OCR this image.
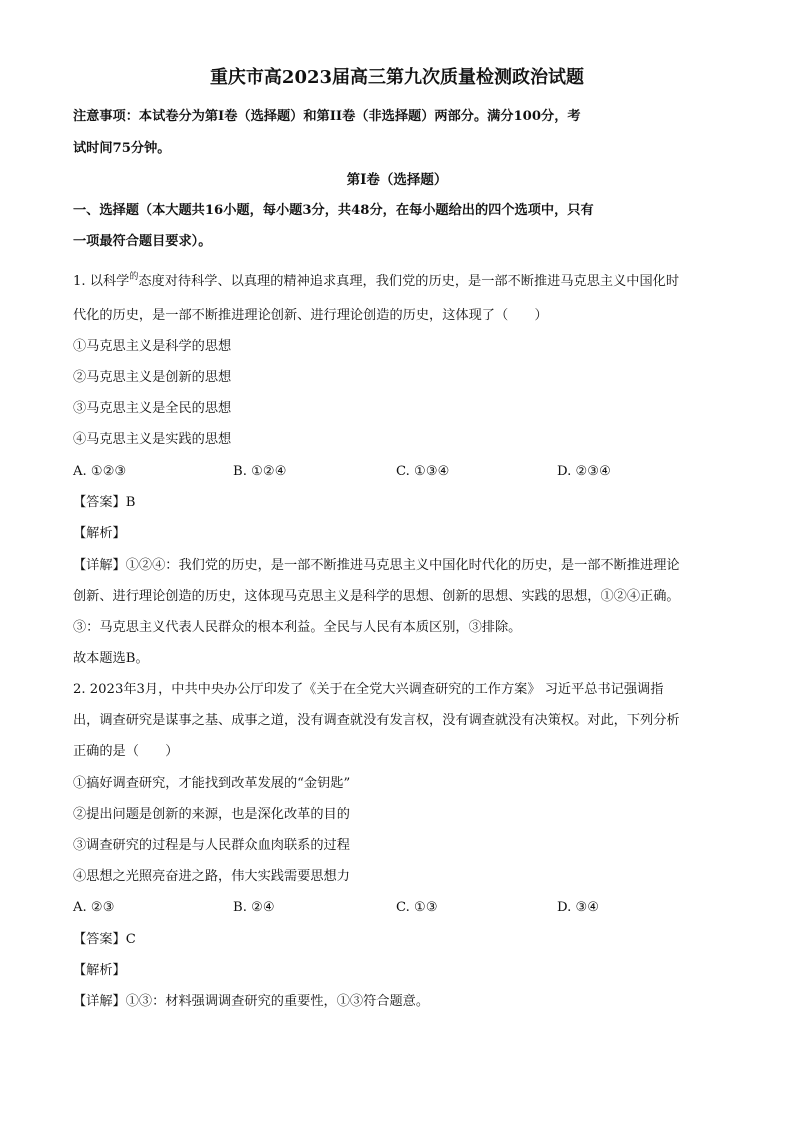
重庆市高2023届高三第九次质量检测政治试题
注意事项：本试卷分为第I卷（选择题）和第II卷（非选择题）两部分。满分100分，考
试时间75分钟。
第I卷（选择题）
一、选择题（本大题共16小题，每小题3分，共48分，在每小题给出的四个选项中，只有
一项最符合题目要求）。
1. 以科学$^的$态度对待科学、以真理的精神追求真理，我们党的历史，是一部不断推进马克思主义中国化时
代化的历史，是一部不断推进理论创新、进行理论创造的历史，这体现了（　　）
①马克思主义是科学的思想
②马克思主义是创新的思想
③马克思主义是全民的思想
④马克思主义是实践的思想
A. ①②③	B. ①②④	C. ①③④	D. ②③④
【答案】B
【解析】
【详解】①②④：我们党的历史，是一部不断推进马克思主义中国化时代化的历史，是一部不断推进理论
创新、进行理论创造的历史，这体现马克思主义是科学的思想、创新的思想、实践的思想，①②④正确。
③：马克思主义代表人民群众的根本利益。全民与人民有本质区别，③排除。
故本题选B。
2. 2023年3月，中共中央办公厅印发了《关于在全党大兴调查研究的工作方案》 习近平总书记强调指
出，调查研究是谋事之基、成事之道，没有调查就没有发言权，没有调查就没有决策权。对此，下列分析
正确的是（　　）
①搞好调查研究，才能找到改革发展的“金钥匙”
②提出问题是创新的来源，也是深化改革的目的
③调查研究的过程是与人民群众血肉联系的过程
④思想之光照亮奋进之路，伟大实践需要思想力
A. ②③	B. ②④	C. ①③	D. ③④
【答案】C
【解析】
【详解】①③：材料强调调查研究的重要性，①③符合题意。
